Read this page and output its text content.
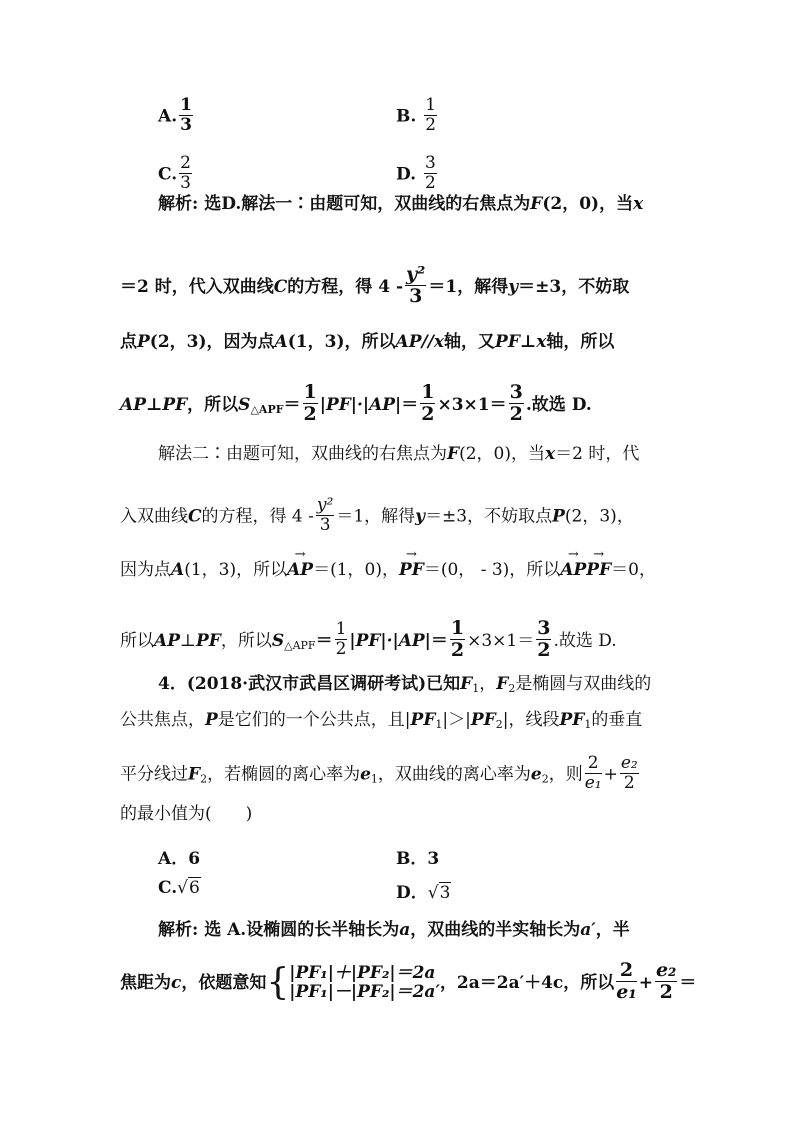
A. $\frac{1}{3}$	B. $\frac{1}{2}$
C. $\frac{2}{3}$	D. $\frac{3}{2}$
解析: 选D.解法一∶由题可知，双曲线的右焦点为F(2，0)，当x
＝2 时，代入双曲线C的方程，得 $4 - \frac{\text{y²}}{3} =1$，解得y＝±3，不妨取
点P(2，3)，因为点A(1，3)，所以AP//x轴，又PF⊥x轴，所以
AP⊥PF，所以$S_{\triangle APF}= \frac{1}{2} |PF|\cdot|AP|= \frac{1}{2} \times 3\times 1= \frac{3}{2}$ .故选 D.
解法二∶由题可知，双曲线的右焦点为F(2，0)，当x＝2 时，代
入双曲线C的方程，得 $4 - \frac{\text{y²}}{3} =1$，解得y＝±3，不妨取点P(2，3)，
因为点A(1，3)，所以→ AP＝(1，0)，→ PF＝(0， - 3)，所以→ AP→ PF＝0，
所以AP⊥PF，所以$S_{\triangle APF}= \frac{1}{2} |PF|\cdot|AP|= \frac{1}{2} \times 3\times 1= \frac{3}{2}$ .故选 D.
4．(2018·武汉市武昌区调研考试)已知$F_1$，$F_2$是椭圆与双曲线的
公共焦点，P是它们的一个公共点，且$|PF_1|>|PF_2|$，线段$PF_1$的垂直
平分线过$F_2$，若椭圆的离心率为$e_1$，双曲线的离心率为$e_2$，则 $\frac{2}{\text{e₁}} + \frac{\text{e₂}}{2}$
的最小值为(　　)
A．6	B．3
C.√6	D．√3
解析: 选 A.设椭圆的长半轴长为a，双曲线的半实轴长为a′，半
焦距为c，依题意知{ |PF₁|＋|PF₂|＝2a
|PF₁|－|PF₂|＝2a′ ，2a＝2a′＋4c，所以 $\frac{2}{\text{e₁}} + \frac{\text{e₂}}{2}$ ＝
